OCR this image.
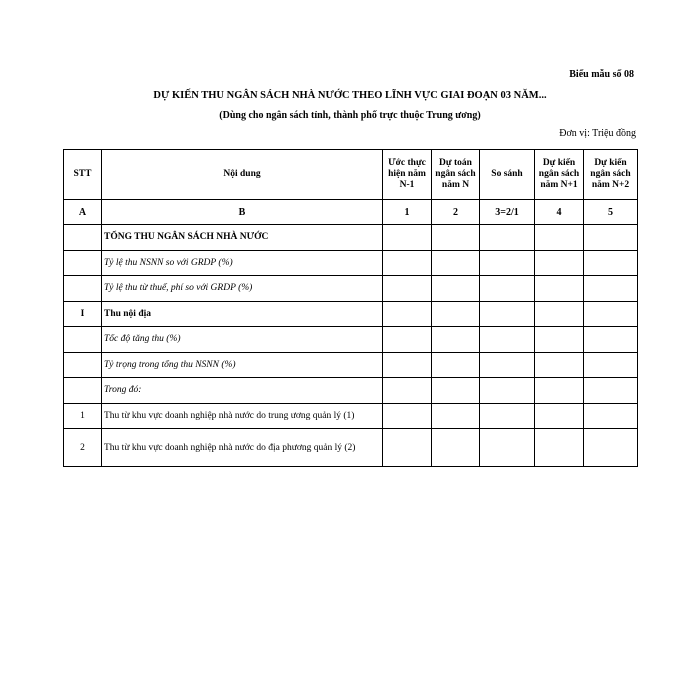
Biểu mẫu số 08
DỰ KIẾN THU NGÂN SÁCH NHÀ NƯỚC THEO LĨNH VỰC GIAI ĐOẠN 03 NĂM...
(Dùng cho ngân sách tỉnh, thành phố trực thuộc Trung ương)
Đơn vị: Triệu đồng
STT	Nội dung	Ước thực hiện năm N-1	Dự toán ngân sách năm N	So sánh	Dự kiến ngân sách năm N+1	Dự kiến ngân sách năm N+2
A	B	1	2	3=2/1	4	5
	TỔNG THU NGÂN SÁCH NHÀ NƯỚC					
	Tỷ lệ thu NSNN so với GRDP (%)					
	Tỷ lệ thu từ thuế, phí so với GRDP (%)					
I	Thu nội địa					
	Tốc độ tăng thu (%)					
	Tỷ trọng trong tổng thu NSNN (%)					
	Trong đó:					
1	Thu từ khu vực doanh nghiệp nhà nước do trung ương quản lý (1)					
2	Thu từ khu vực doanh nghiệp nhà nước do địa phương quản lý (2)					
